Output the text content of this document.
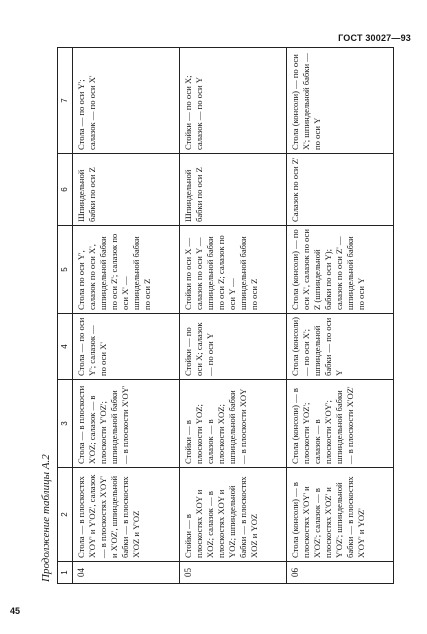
ГОСТ 30027—93
Продолжение таблицы А.2	1	2	3	4	5	6	7
04	Стола — в плоскостях X'OY' и Y'OZ', салазок — в плоскостях X'OY' и X'OZ', шпиндельной бабки — в плоскостях X'OZ и Y'OZ	Стола — в плоскости X'OZ; салазок — в плоскости Y'OZ'; шпиндельной бабки — в плоскости X'OY'	Стола — по оси Y'; салазок — по оси X'	Стола по оси Y', салазок по оси X', шпиндельной бабки по оси Z'; салазок по оси X' — шпиндельной бабки по оси Z	Шпиндельной бабки по оси Z	Стола — по оси Y'; салазок — по оси X'
05	Стойки — в плоскостях XOY и XOZ; салазок — в плоскостях XOY и YOZ; шпиндельной бабки — в плоскостях XOZ и YOZ	Стойки — в плоскости YOZ; салазок — в плоскости XOZ; шпиндельной бабки — в плоскости XOY	Стойки — по оси X; салазок — по оси Y	Стойки по оси X — салазок по оси Y — шпиндельной бабки по оси Z; салазок по оси Y — шпиндельной бабки по оси Z	Шпиндельной бабки по оси Z	Стойки — по оси X; салазок — по оси Y
06	Стола (консоли) — в плоскостях X'OY' и X'OZ'; салазок — в плоскостях X'OZ' и Y'OZ'; шпиндельной бабки — в плоскостях X'OY' и YOZ'	Стола (консоли) — в плоскости YOZ'; салазок — в плоскости X'OY'; шпиндельной бабки — в плоскости X'OZ'	Стола (консоли) — по оси X'; шпиндельной бабки — по оси Y	Стола (консоли) — по оси X', салазок по оси Z (шпиндельной бабки по оси Y); салазок по оси Z' — шпиндельной бабки по оси Y	Салазок по оси Z'	Стола (консоли) — по оси X'; шпиндельной бабки — по оси Y
45
